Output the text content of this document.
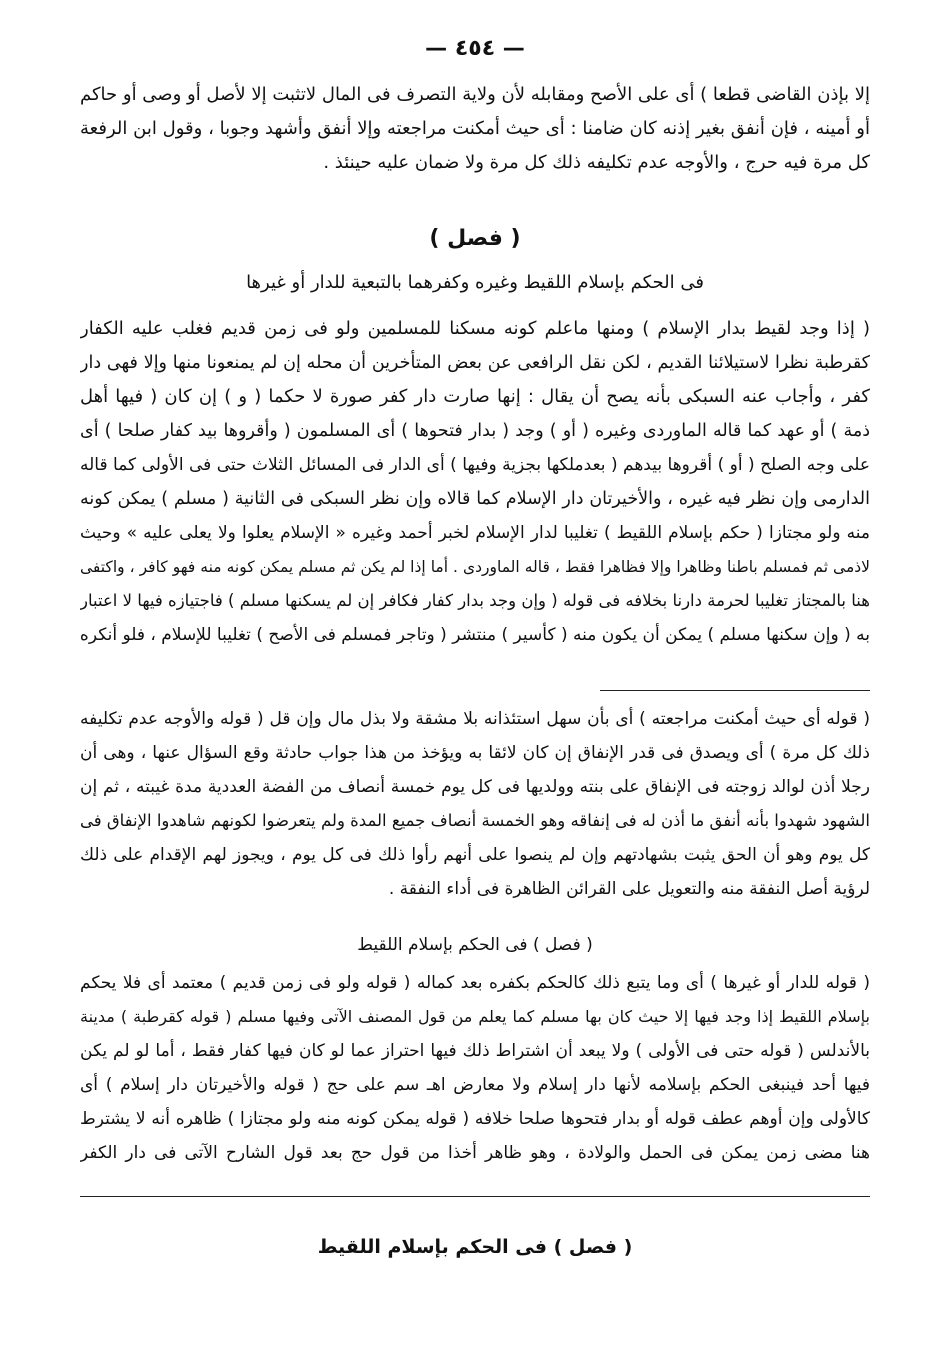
— ٤٥٤ —
إلا بإذن القاضى قطعا ) أى على الأصح ومقابله لأن ولاية التصرف فى المال لاتثبت إلا لأصل أو وصى أو حاكم
أو أمينه ، فإن أنفق بغير إذنه كان ضامنا : أى حيث أمكنت مراجعته وإلا أنفق وأشهد وجوبا ، وقول ابن الرفعة
كل مرة فيه حرج ، والأوجه عدم تكليفه ذلك كل مرة ولا ضمان عليه حينئذ .
( فصل )
فى الحكم بإسلام اللقيط وغيره وكفرهما بالتبعية للدار أو غيرها
( إذا وجد لقيط بدار الإسلام ) ومنها ماعلم كونه مسكنا للمسلمين ولو فى زمن قديم فغلب عليه الكفار
كقرطبة نظرا لاستيلائنا القديم ، لكن نقل الرافعى عن بعض المتأخرين أن محله إن لم يمنعونا منها وإلا فهى دار
كفر ، وأجاب عنه السبكى بأنه يصح أن يقال : إنها صارت دار كفر صورة لا حكما ( و ) إن كان ( فيها أهل
ذمة ) أو عهد كما قاله الماوردى وغيره ( أو ) وجد ( بدار فتحوها ) أى المسلمون ( وأقروها بيد كفار صلحا ) أى
على وجه الصلح ( أو ) أقروها بيدهم ( بعدملكها بجزية وفيها ) أى الدار فى المسائل الثلاث حتى فى الأولى كما قاله
الدارمى وإن نظر فيه غيره ، والأخيرتان دار الإسلام كما قالاه وإن نظر السبكى فى الثانية ( مسلم ) يمكن كونه
منه ولو مجتازا ( حكم بإسلام اللقيط ) تغليبا لدار الإسلام لخبر أحمد وغيره « الإسلام يعلوا ولا يعلى عليه » وحيث
لاذمى ثم فمسلم باطنا وظاهرا وإلا فظاهرا فقط ، قاله الماوردى . أما إذا لم يكن ثم مسلم يمكن كونه منه فهو كافر ، واكتفى
هنا بالمجتاز تغليبا لحرمة دارنا بخلافه فى قوله ( وإن وجد بدار كفار فكافر إن لم يسكنها مسلم ) فاجتيازه فيها لا اعتبار
به ( وإن سكنها مسلم ) يمكن أن يكون منه ( كأسير ) منتشر ( وتاجر فمسلم فى الأصح ) تغليبا للإسلام ، فلو أنكره
( قوله أى حيث أمكنت مراجعته ) أى بأن سهل استئذانه بلا مشقة ولا بذل مال وإن قل ( قوله والأوجه عدم تكليفه
ذلك كل مرة ) أى ويصدق فى قدر الإنفاق إن كان لائقا به ويؤخذ من هذا جواب حادثة وقع السؤال عنها ، وهى أن
رجلا أذن لوالد زوجته فى الإنفاق على بنته وولديها فى كل يوم خمسة أنصاف من الفضة العددية مدة غيبته ، ثم إن
الشهود شهدوا بأنه أنفق ما أذن له فى إنفاقه وهو الخمسة أنصاف جميع المدة ولم يتعرضوا لكونهم شاهدوا الإنفاق فى
كل يوم وهو أن الحق يثبت بشهادتهم وإن لم ينصوا على أنهم رأوا ذلك فى كل يوم ، ويجوز لهم الإقدام على ذلك
لرؤية أصل النفقة منه والتعويل على القرائن الظاهرة فى أداء النفقة .
( فصل ) فى الحكم بإسلام اللقيط
( قوله للدار أو غيرها ) أى وما يتبع ذلك كالحكم بكفره بعد كماله ( قوله ولو فى زمن قديم ) معتمد أى فلا يحكم
بإسلام اللقيط إذا وجد فيها إلا حيث كان بها مسلم كما يعلم من قول المصنف الآتى وفيها مسلم ( قوله كقرطبة ) مدينة
بالأندلس ( قوله حتى فى الأولى ) ولا يبعد أن اشتراط ذلك فيها احتراز عما لو كان فيها كفار فقط ، أما لو لم يكن
فيها أحد فينبغى الحكم بإسلامه لأنها دار إسلام ولا معارض اهـ سم على حج ( قوله والأخيرتان دار إسلام ) أى
كالأولى وإن أوهم عطف قوله أو بدار فتحوها صلحا خلافه ( قوله يمكن كونه منه ولو مجتازا ) ظاهره أنه لا يشترط
هنا مضى زمن يمكن فى الحمل والولادة ، وهو ظاهر أخذا من قول حج بعد قول الشارح الآتى فى دار الكفر
( فصل ) فى الحكم بإسلام اللقيط
